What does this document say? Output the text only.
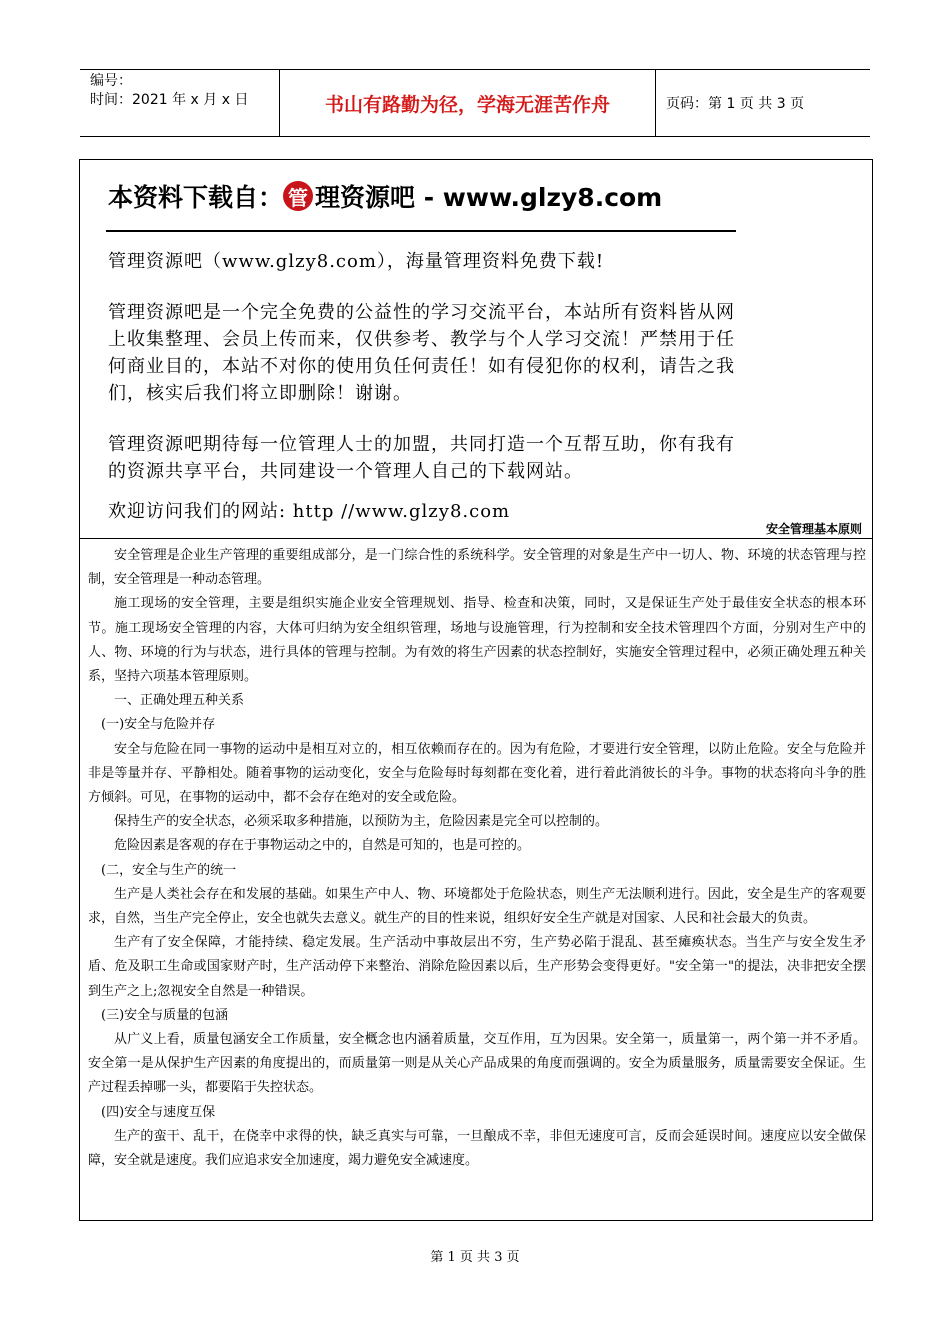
编号：
时间：2021 年 x 月 x 日	书山有路勤为径，学海无涯苦作舟	页码：第 1 页 共 3 页
本资料下载自： 管 理资源吧 - www.glzy8.com

管理资源吧（www.glzy8.com），海量管理资料免费下载!

管理资源吧是一个完全免费的公益性的学习交流平台，本站所有资料皆从网上收集整理、会员上传而来，仅供参考、教学与个人学习交流！严禁用于任何商业目的，本站不对你的使用负任何责任！如有侵犯你的权利，请告之我们，核实后我们将立即删除！谢谢。

管理资源吧期待每一位管理人士的加盟，共同打造一个互帮互助，你有我有的资源共享平台，共同建设一个管理人自己的下载网站。

欢迎访问我们的网站: http //www.glzy8.com

安全管理基本原则

安全管理是企业生产管理的重要组成部分，是一门综合性的系统科学。安全管理的对象是生产中一切人、物、环境的状态管理与控制，安全管理是一种动态管理。

施工现场的安全管理，主要是组织实施企业安全管理规划、指导、检查和决策，同时，又是保证生产处于最佳安全状态的根本环节。施工现场安全管理的内容，大体可归纳为安全组织管理，场地与设施管理，行为控制和安全技术管理四个方面，分别对生产中的人、物、环境的行为与状态，进行具体的管理与控制。为有效的将生产因素的状态控制好，实施安全管理过程中，必须正确处理五种关系，坚持六项基本管理原则。

一、正确处理五种关系

(一)安全与危险并存

安全与危险在同一事物的运动中是相互对立的，相互依赖而存在的。因为有危险，才要进行安全管理，以防止危险。安全与危险并非是等量并存、平静相处。随着事物的运动变化，安全与危险每时每刻都在变化着，进行着此消彼长的斗争。事物的状态将向斗争的胜方倾斜。可见，在事物的运动中，都不会存在绝对的安全或危险。

保持生产的安全状态，必须采取多种措施，以预防为主，危险因素是完全可以控制的。

危险因素是客观的存在于事物运动之中的，自然是可知的，也是可控的。

(二，安全与生产的统一

生产是人类社会存在和发展的基础。如果生产中人、物、环境都处于危险状态，则生产无法顺利进行。因此，安全是生产的客观要求，自然，当生产完全停止，安全也就失去意义。就生产的目的性来说，组织好安全生产就是对国家、人民和社会最大的负责。

生产有了安全保障，才能持续、稳定发展。生产活动中事故层出不穷，生产势必陷于混乱、甚至瘫痪状态。当生产与安全发生矛盾、危及职工生命或国家财产时，生产活动停下来整治、消除危险因素以后，生产形势会变得更好。"安全第一"的提法，决非把安全摆到生产之上;忽视安全自然是一种错误。

(三)安全与质量的包涵

从广义上看，质量包涵安全工作质量，安全概念也内涵着质量，交互作用，互为因果。安全第一，质量第一，两个第一并不矛盾。安全第一是从保护生产因素的角度提出的，而质量第一则是从关心产品成果的角度而强调的。安全为质量服务，质量需要安全保证。生产过程丢掉哪一头，都要陷于失控状态。

(四)安全与速度互保

生产的蛮干、乱干，在侥幸中求得的快，缺乏真实与可靠，一旦酿成不幸，非但无速度可言，反而会延误时间。速度应以安全做保障，安全就是速度。我们应追求安全加速度，竭力避免安全减速度。

第 1 页 共 3 页
